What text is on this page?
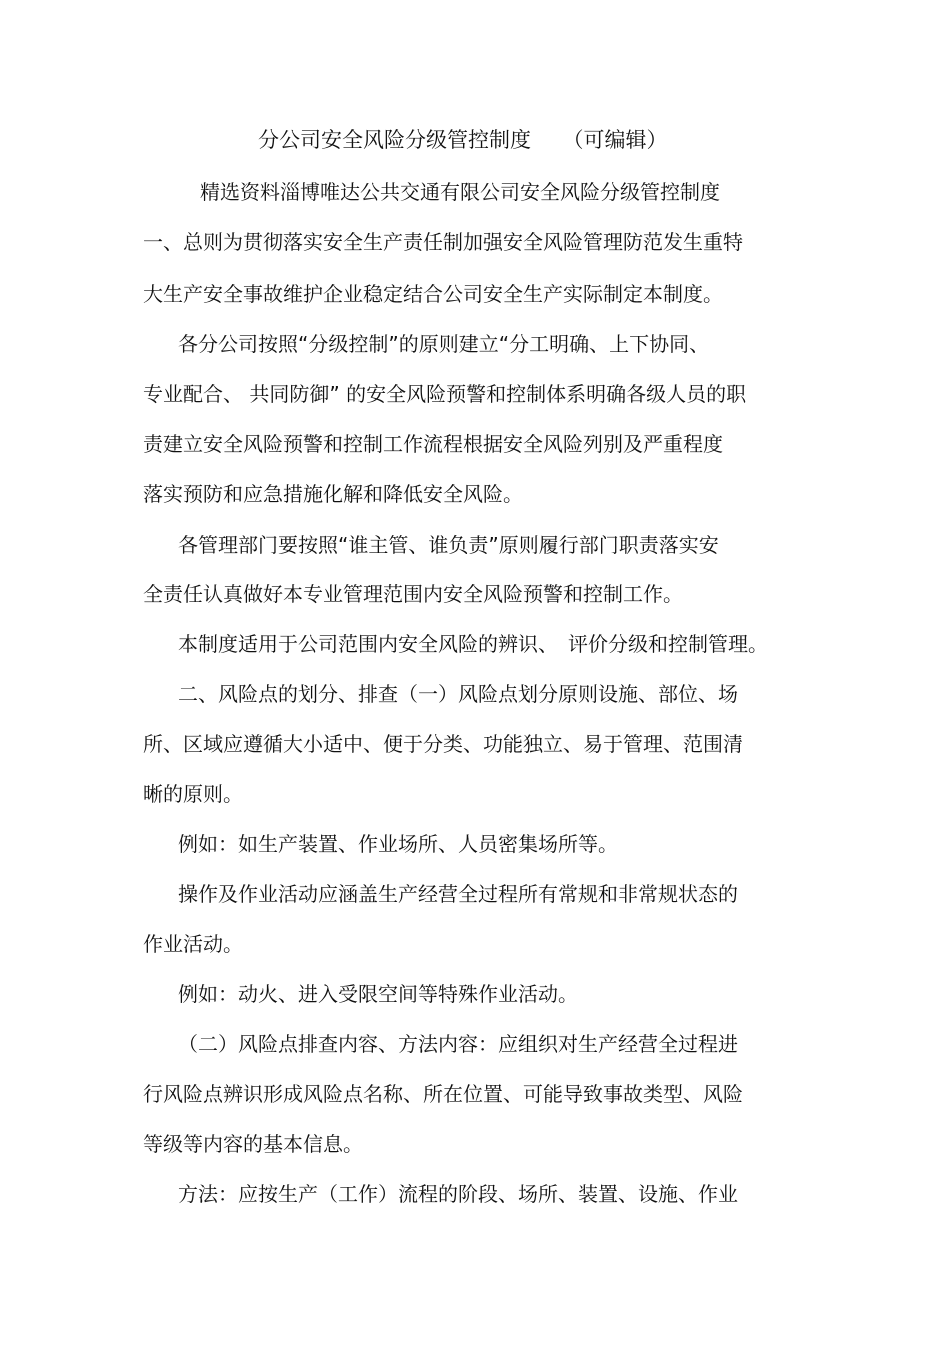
分公司安全风险分级管控制度　　（可编辑）
精选资料淄博唯达公共交通有限公司安全风险分级管控制度
一、总则为贯彻落实安全生产责任制加强安全风险管理防范发生重特
大生产安全事故维护企业稳定结合公司安全生产实际制定本制度。
各分公司按照“分级控制”的原则建立“分工明确、上下协同、
专业配合、 共同防御” 的安全风险预警和控制体系明确各级人员的职
责建立安全风险预警和控制工作流程根据安全风险列别及严重程度
落实预防和应急措施化解和降低安全风险。
各管理部门要按照“谁主管、谁负责”原则履行部门职责落实安
全责任认真做好本专业管理范围内安全风险预警和控制工作。
本制度适用于公司范围内安全风险的辨识、　评价分级和控制管理。
二、风险点的划分、排查（一）风险点划分原则设施、部位、场
所、区域应遵循大小适中、便于分类、功能独立、易于管理、范围清
晰的原则。
例如：如生产装置、作业场所、人员密集场所等。
操作及作业活动应涵盖生产经营全过程所有常规和非常规状态的
作业活动。
例如：动火、进入受限空间等特殊作业活动。
（二）风险点排查内容、方法内容：应组织对生产经营全过程进
行风险点辨识形成风险点名称、所在位置、可能导致事故类型、风险
等级等内容的基本信息。
方法：应按生产（工作）流程的阶段、场所、装置、设施、作业
